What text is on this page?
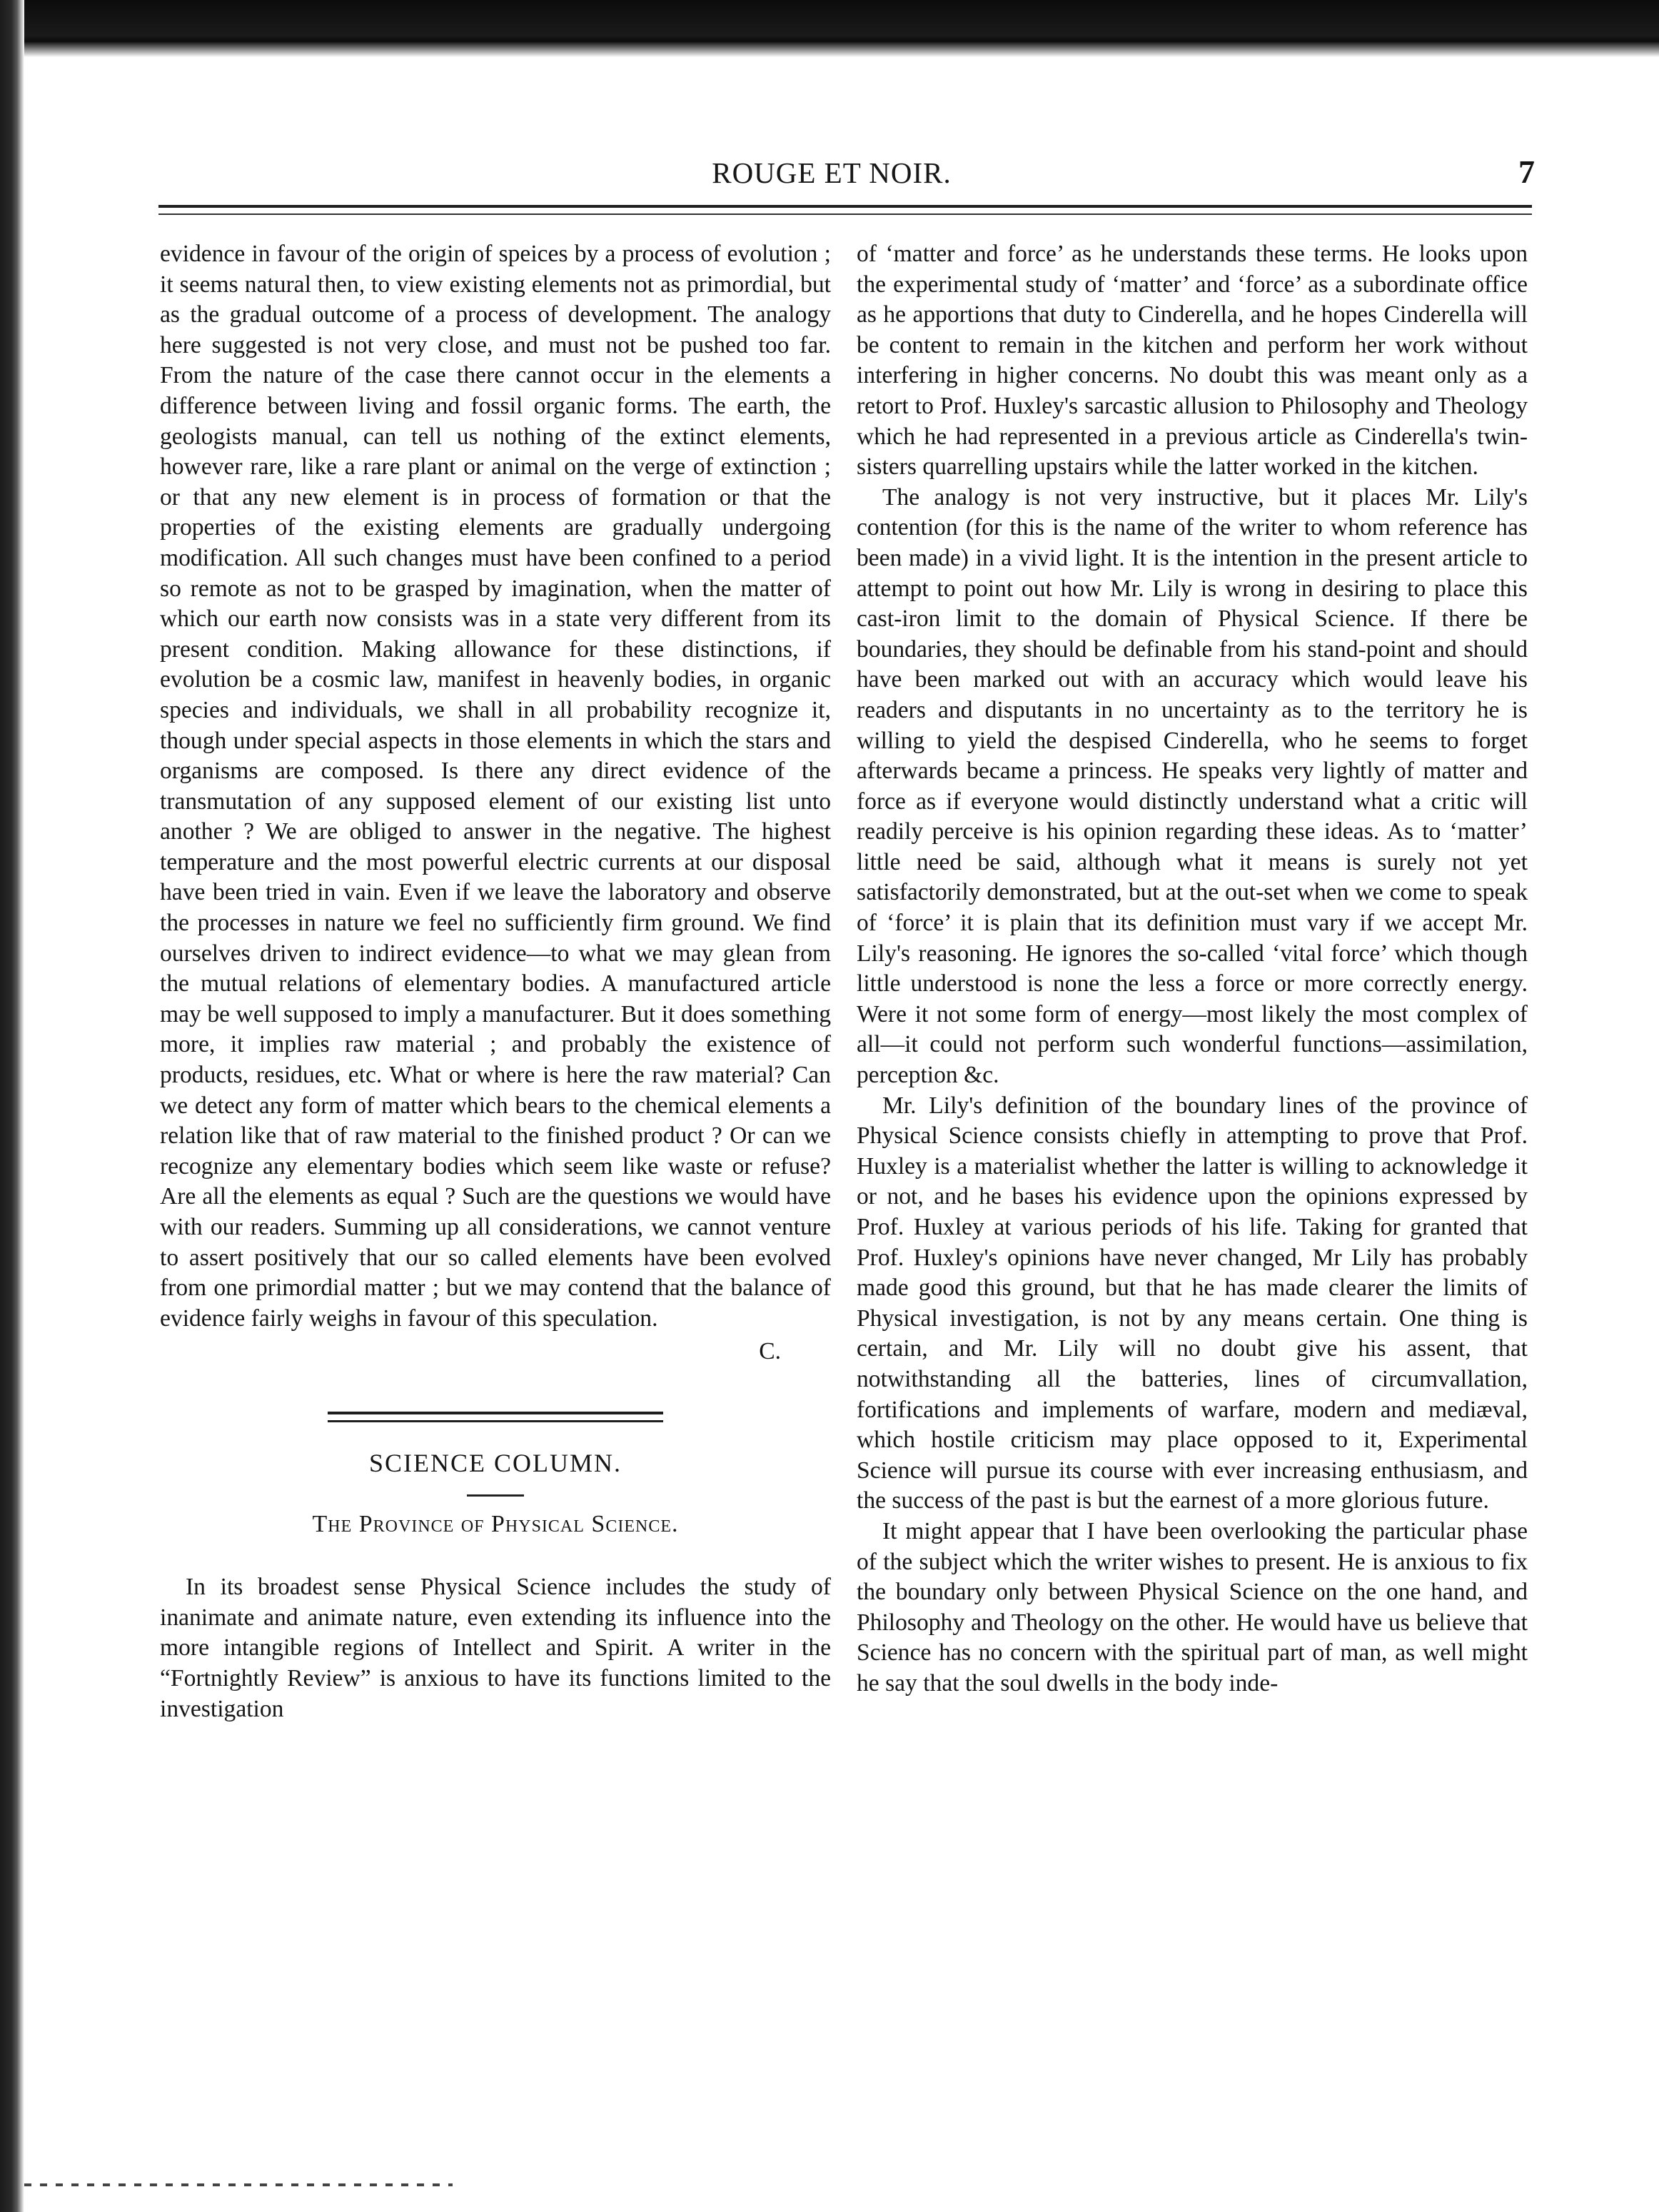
ROUGE ET NOIR.	7

evidence in favour of the origin of speices by a process of evolution ; it seems natural then, to view existing elements not as primordial, but as the gradual outcome of a process of development. The analogy here suggested is not very close, and must not be pushed too far. From the nature of the case there cannot occur in the elements a difference between living and fossil organic forms. The earth, the geologists manual, can tell us nothing of the extinct elements, however rare, like a rare plant or animal on the verge of extinction ; or that any new element is in process of formation or that the properties of the existing elements are gradually undergoing modification. All such changes must have been confined to a period so remote as not to be grasped by imagination, when the matter of which our earth now consists was in a state very different from its present condition. Making allowance for these distinctions, if evolution be a cosmic law, manifest in heavenly bodies, in organic species and individuals, we shall in all probability recognize it, though under special aspects in those elements in which the stars and organisms are composed. Is there any direct evidence of the transmutation of any supposed element of our existing list unto another ? We are obliged to answer in the negative. The highest temperature and the most powerful electric currents at our disposal have been tried in vain. Even if we leave the laboratory and observe the processes in nature we feel no sufficiently firm ground. We find ourselves driven to indirect evidence—to what we may glean from the mutual relations of elementary bodies. A manufactured article may be well supposed to imply a manufacturer. But it does something more, it implies raw material ; and probably the existence of products, residues, etc. What or where is here the raw material? Can we detect any form of matter which bears to the chemical elements a relation like that of raw material to the finished product ? Or can we recognize any elementary bodies which seem like waste or refuse? Are all the elements as equal ? Such are the questions we would have with our readers. Summing up all considerations, we cannot venture to assert positively that our so called elements have been evolved from one primordial matter ; but we may contend that the balance of evidence fairly weighs in favour of this speculation.

C.

SCIENCE COLUMN.

The Province of Physical Science.

In its broadest sense Physical Science includes the study of inanimate and animate nature, even extending its influence into the more intangible regions of Intellect and Spirit. A writer in the “Fortnightly Review” is anxious to have its functions limited to the investigation

of ‘matter and force’ as he understands these terms. He looks upon the experimental study of ‘matter’ and ‘force’ as a subordinate office as he apportions that duty to Cinderella, and he hopes Cinderella will be content to remain in the kitchen and perform her work without interfering in higher concerns. No doubt this was meant only as a retort to Prof. Huxley's sarcastic allusion to Philosophy and Theology which he had represented in a previous article as Cinderella's twin-sisters quarrelling upstairs while the latter worked in the kitchen.

The analogy is not very instructive, but it places Mr. Lily's contention (for this is the name of the writer to whom reference has been made) in a vivid light. It is the intention in the present article to attempt to point out how Mr. Lily is wrong in desiring to place this cast-iron limit to the domain of Physical Science. If there be boundaries, they should be definable from his stand-point and should have been marked out with an accuracy which would leave his readers and disputants in no uncertainty as to the territory he is willing to yield the despised Cinderella, who he seems to forget afterwards became a princess. He speaks very lightly of matter and force as if everyone would distinctly understand what a critic will readily perceive is his opinion regarding these ideas. As to ‘matter’ little need be said, although what it means is surely not yet satisfactorily demonstrated, but at the out-set when we come to speak of ‘force’ it is plain that its definition must vary if we accept Mr. Lily's reasoning. He ignores the so-called ‘vital force’ which though little understood is none the less a force or more correctly energy. Were it not some form of energy—most likely the most complex of all—it could not perform such wonderful functions—assimilation, perception &c.

Mr. Lily's definition of the boundary lines of the province of Physical Science consists chiefly in attempting to prove that Prof. Huxley is a materialist whether the latter is willing to acknowledge it or not, and he bases his evidence upon the opinions expressed by Prof. Huxley at various periods of his life. Taking for granted that Prof. Huxley's opinions have never changed, Mr Lily has probably made good this ground, but that he has made clearer the limits of Physical investigation, is not by any means certain. One thing is certain, and Mr. Lily will no doubt give his assent, that notwithstanding all the batteries, lines of circumvallation, fortifications and implements of warfare, modern and mediæval, which hostile criticism may place opposed to it, Experimental Science will pursue its course with ever increasing enthusiasm, and the success of the past is but the earnest of a more glorious future.

It might appear that I have been overlooking the particular phase of the subject which the writer wishes to present. He is anxious to fix the boundary only between Physical Science on the one hand, and Philosophy and Theology on the other. He would have us believe that Science has no concern with the spiritual part of man, as well might he say that the soul dwells in the body inde-
